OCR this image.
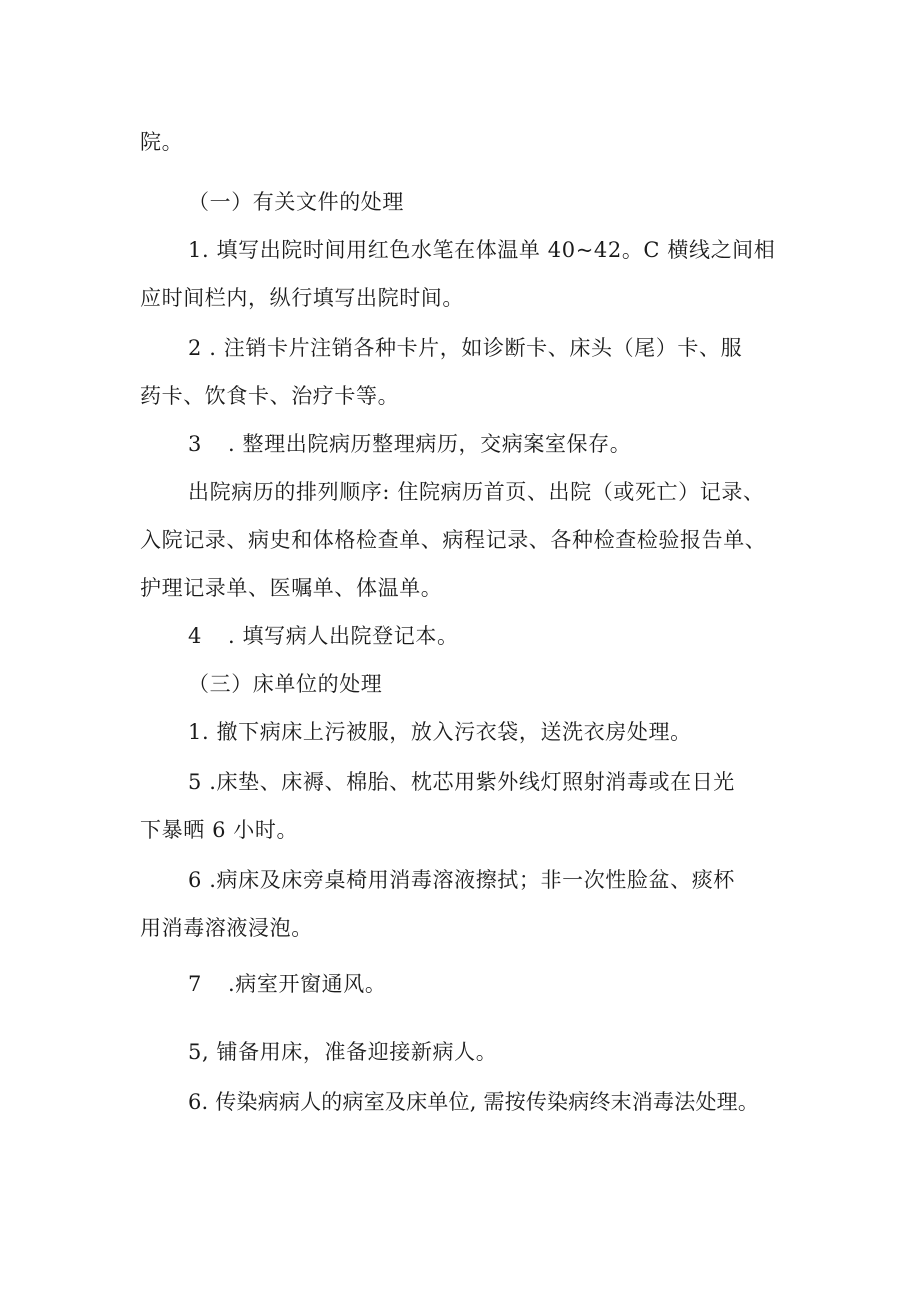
院。
（一）有关文件的处理
1. 填写出院时间用红色水笔在体温单 40~42。C 横线之间相
应时间栏内，纵行填写出院时间。
2 . 注销卡片注销各种卡片，如诊断卡、床头（尾）卡、服
药卡、饮食卡、治疗卡等。
3 . 整理出院病历整理病历，交病案室保存。
出院病历的排列顺序: 住院病历首页、出院（或死亡）记录、
入院记录、病史和体格检查单、病程记录、各种检查检验报告单、
护理记录单、医嘱单、体温单。
4 . 填写病人出院登记本。
（三）床单位的处理
1. 撤下病床上污被服，放入污衣袋，送洗衣房处理。
5 .床垫、床褥、棉胎、枕芯用紫外线灯照射消毒或在日光
下暴晒 6 小时。
6 .病床及床旁桌椅用消毒溶液擦拭；非一次性脸盆、痰杯
用消毒溶液浸泡。
7 .病室开窗通风。
5, 铺备用床，准备迎接新病人。
6. 传染病病人的病室及床单位, 需按传染病终末消毒法处理。
